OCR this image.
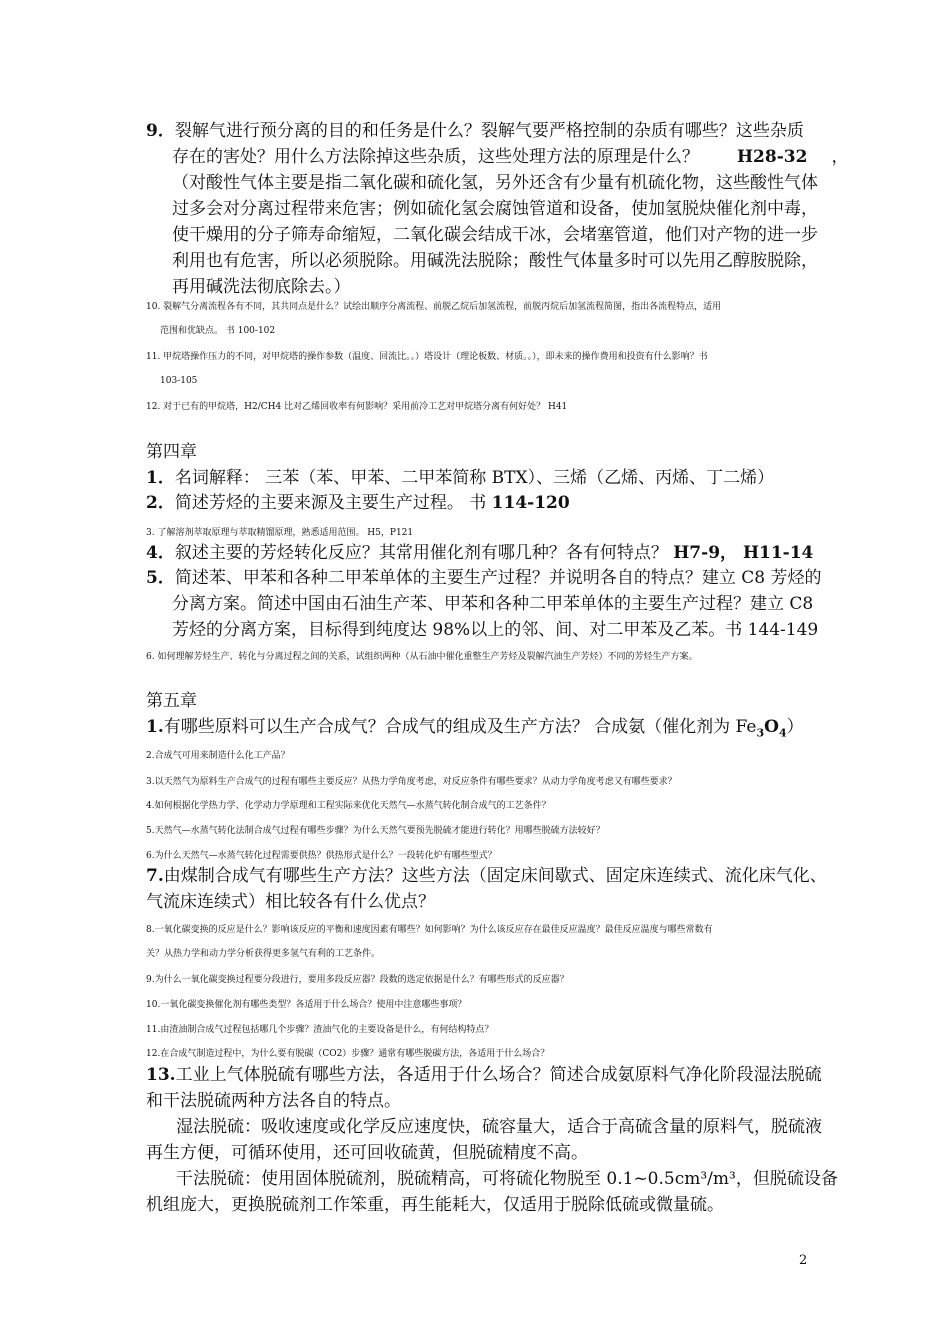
9．裂解气进行预分离的目的和任务是什么？裂解气要严格控制的杂质有哪些？这些杂质
存在的害处？用什么方法除掉这些杂质，这些处理方法的原理是什么？ H28-32 ，
（对酸性气体主要是指二氧化碳和硫化氢，另外还含有少量有机硫化物，这些酸性气体
过多会对分离过程带来危害；例如硫化氢会腐蚀管道和设备，使加氢脱炔催化剂中毒，
使干燥用的分子筛寿命缩短，二氧化碳会结成干冰，会堵塞管道，他们对产物的进一步
利用也有危害，所以必须脱除。用碱洗法脱除；酸性气体量多时可以先用乙醇胺脱除，
再用碱洗法彻底除去。）
10. 裂解气分离流程各有不同，其共同点是什么？试绘出顺序分离流程、前脱乙烷后加氢流程，前脱丙烷后加氢流程简图，指出各流程特点，适用
范围和优缺点。 书 100-102
11. 甲烷塔操作压力的不同，对甲烷塔的操作参数（温度、回流比。。）塔设计（理论板数、材质。。），即未来的操作费用和投资有什么影响？书
103-105
12. 对于已有的甲烷塔，H2/CH4 比对乙烯回收率有何影响？采用前冷工艺对甲烷塔分离有何好处？ H41
第四章
1．名词解释： 三苯（苯、甲苯、二甲苯简称 BTX）、三烯（乙烯、丙烯、丁二烯）
2．简述芳烃的主要来源及主要生产过程。 书 114-120
3. 了解溶剂萃取原理与萃取精馏原理，熟悉适用范围。 H5，P121
4．叙述主要的芳烃转化反应？其常用催化剂有哪几种？各有何特点？ H7-9， H11-14
5．简述苯、甲苯和各种二甲苯单体的主要生产过程？并说明各自的特点？建立 C8 芳烃的
分离方案。简述中国由石油生产苯、甲苯和各种二甲苯单体的主要生产过程？建立 C8
芳烃的分离方案，目标得到纯度达 98%以上的邻、间、对二甲苯及乙苯。书 144-149
6. 如何理解芳烃生产、转化与分离过程之间的关系，试组织两种（从石油中催化重整生产芳烃及裂解汽油生产芳烃）不同的芳烃生产方案。
第五章
1.有哪些原料可以生产合成气？合成气的组成及生产方法？ 合成氨（催化剂为 $Fe_3O_4$）
2.合成气可用来制造什么化工产品？
3.以天然气为原料生产合成气的过程有哪些主要反应？从热力学角度考虑，对反应条件有哪些要求？从动力学角度考虑又有哪些要求？
4.如何根据化学热力学、化学动力学原理和工程实际来优化天然气—水蒸气转化制合成气的工艺条件？
5.天然气—水蒸气转化法制合成气过程有哪些步骤？为什么天然气要预先脱硫才能进行转化？用哪些脱硫方法较好？
6.为什么天然气—水蒸气转化过程需要供热？供热形式是什么？一段转化炉有哪些型式？
7.由煤制合成气有哪些生产方法？这些方法（固定床间歇式、固定床连续式、流化床气化、
气流床连续式）相比较各有什么优点？
8.一氧化碳变换的反应是什么？影响该反应的平衡和速度因素有哪些？如何影响？为什么该反应存在最佳反应温度？最佳反应温度与哪些常数有
关？从热力学和动力学分析获得更多氢气有利的工艺条件。
9.为什么一氧化碳变换过程要分段进行，要用多段反应器？段数的选定依据是什么？有哪些形式的反应器？
10.一氧化碳变换催化剂有哪些类型？各适用于什么场合？使用中注意哪些事项？
11.由渣油制合成气过程包括哪几个步骤？渣油气化的主要设备是什么，有何结构特点？
12.在合成气制造过程中，为什么要有脱碳（CO2）步骤？通常有哪些脱碳方法，各适用于什么场合？
13.工业上气体脱硫有哪些方法，各适用于什么场合？简述合成氨原料气净化阶段湿法脱硫
和干法脱硫两种方法各自的特点。
湿法脱硫：吸收速度或化学反应速度快，硫容量大，适合于高硫含量的原料气，脱硫液
再生方便，可循环使用，还可回收硫黄，但脱硫精度不高。
干法脱硫：使用固体脱硫剂，脱硫精高，可将硫化物脱至 0.1~0.5cm³/m³，但脱硫设备
机组庞大，更换脱硫剂工作笨重，再生能耗大，仅适用于脱除低硫或微量硫。
2
